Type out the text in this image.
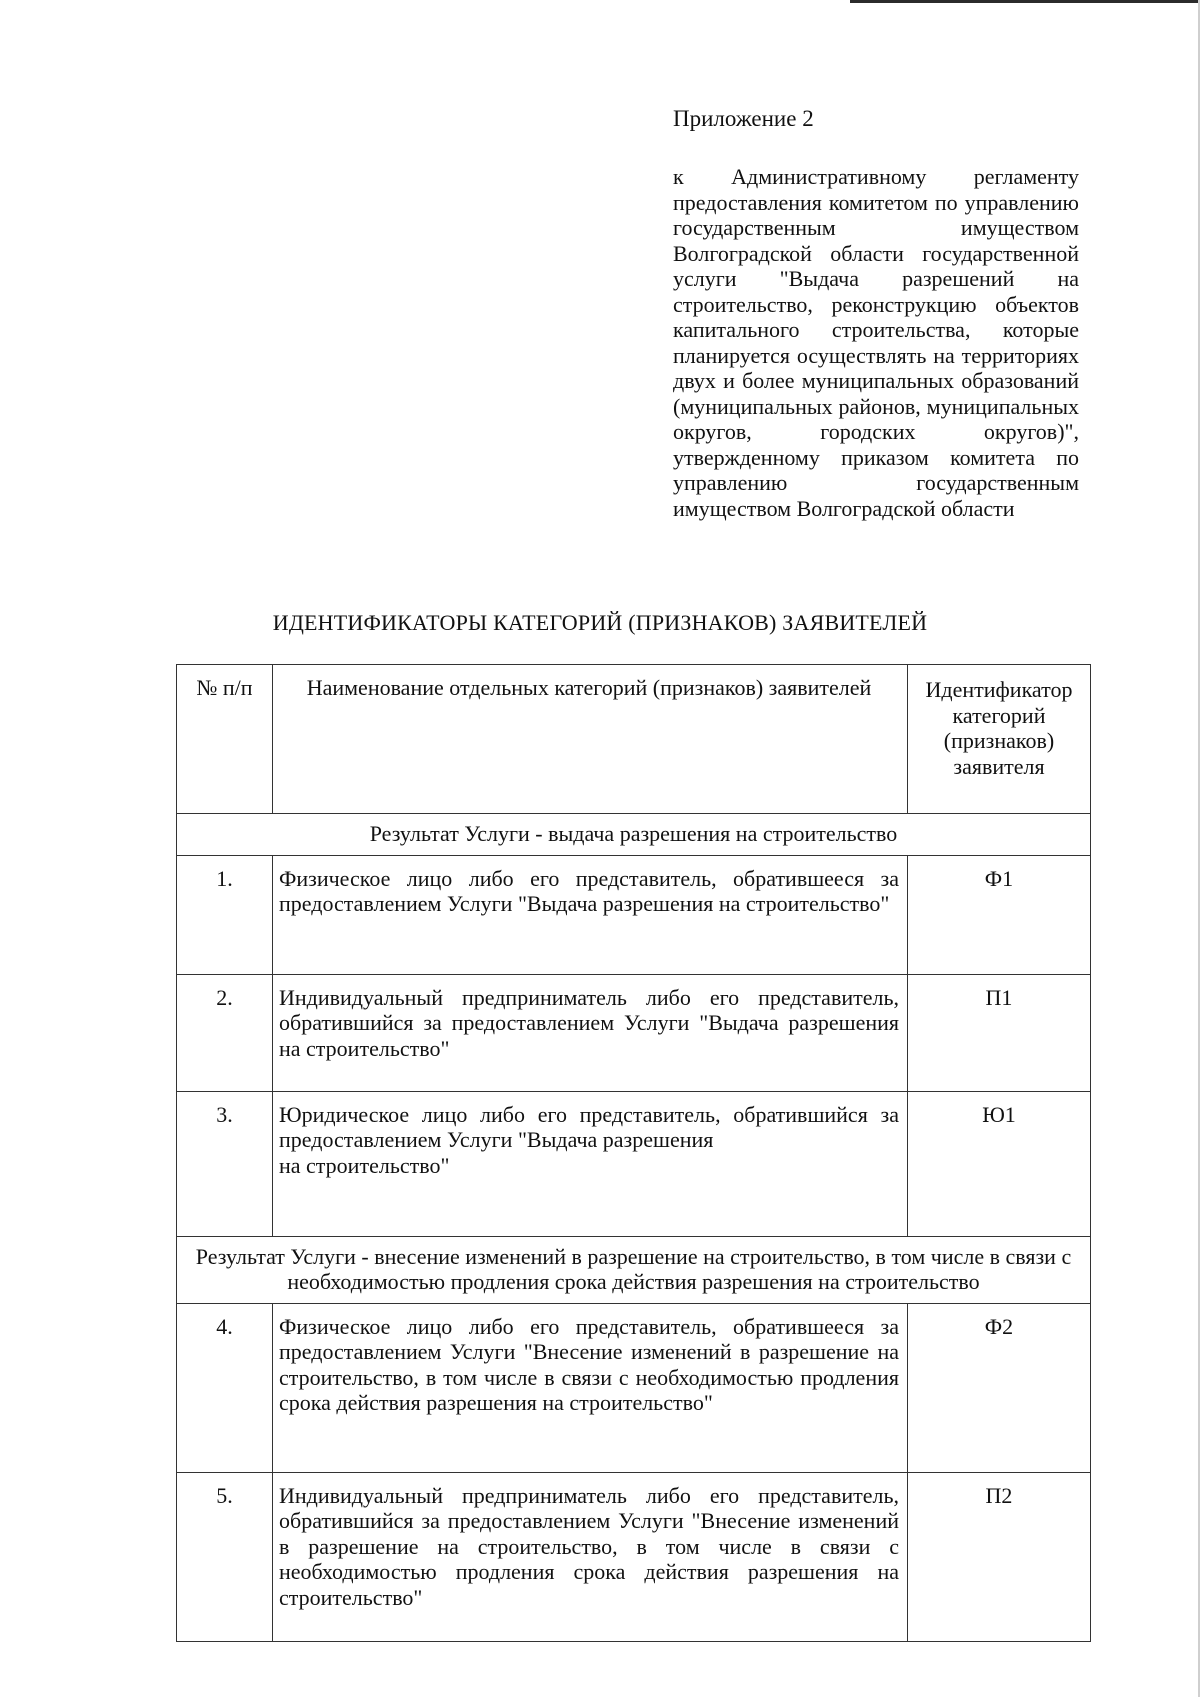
Приложение 2
к Административному регламенту предоставления комитетом по управлению государственным имуществом Волгоградской области государственной услуги "Выдача разрешений на строительство, реконструкцию объектов капитального строительства, которые планируется осуществлять на территориях двух и более муниципальных образований (муниципальных районов, муниципальных округов, городских округов)", утвержденному приказом комитета по управлению государственным имуществом Волгоградской области
ИДЕНТИФИКАТОРЫ КАТЕГОРИЙ (ПРИЗНАКОВ) ЗАЯВИТЕЛЕЙ
№ п/п	Наименование отдельных категорий (признаков) заявителей	Идентификатор категорий (признаков) заявителя
Результат Услуги - выдача разрешения на строительство		
1.	Физическое лицо либо его представитель, обратившееся за предоставлением Услуги "Выдача разрешения на строительство"	Ф1
2.	Индивидуальный предприниматель либо его представитель, обратившийся за предоставлением Услуги "Выдача разрешения на строительство"	П1
3.	Юридическое лицо либо его представитель, обратившийся за предоставлением Услуги "Выдача разрешения
на строительство"	Ю1
Результат Услуги - внесение изменений в разрешение на строительство, в том числе в связи с необходимостью продления срока действия разрешения на строительство		
4.	Физическое лицо либо его представитель, обратившееся за предоставлением Услуги "Внесение изменений в разрешение на строительство, в том числе в связи с необходимостью продления срока действия разрешения на строительство"	Ф2
5.	Индивидуальный предприниматель либо его представитель, обратившийся за предоставлением Услуги "Внесение изменений в разрешение на строительство, в том числе в связи с необходимостью продления срока действия разрешения на строительство"	П2
